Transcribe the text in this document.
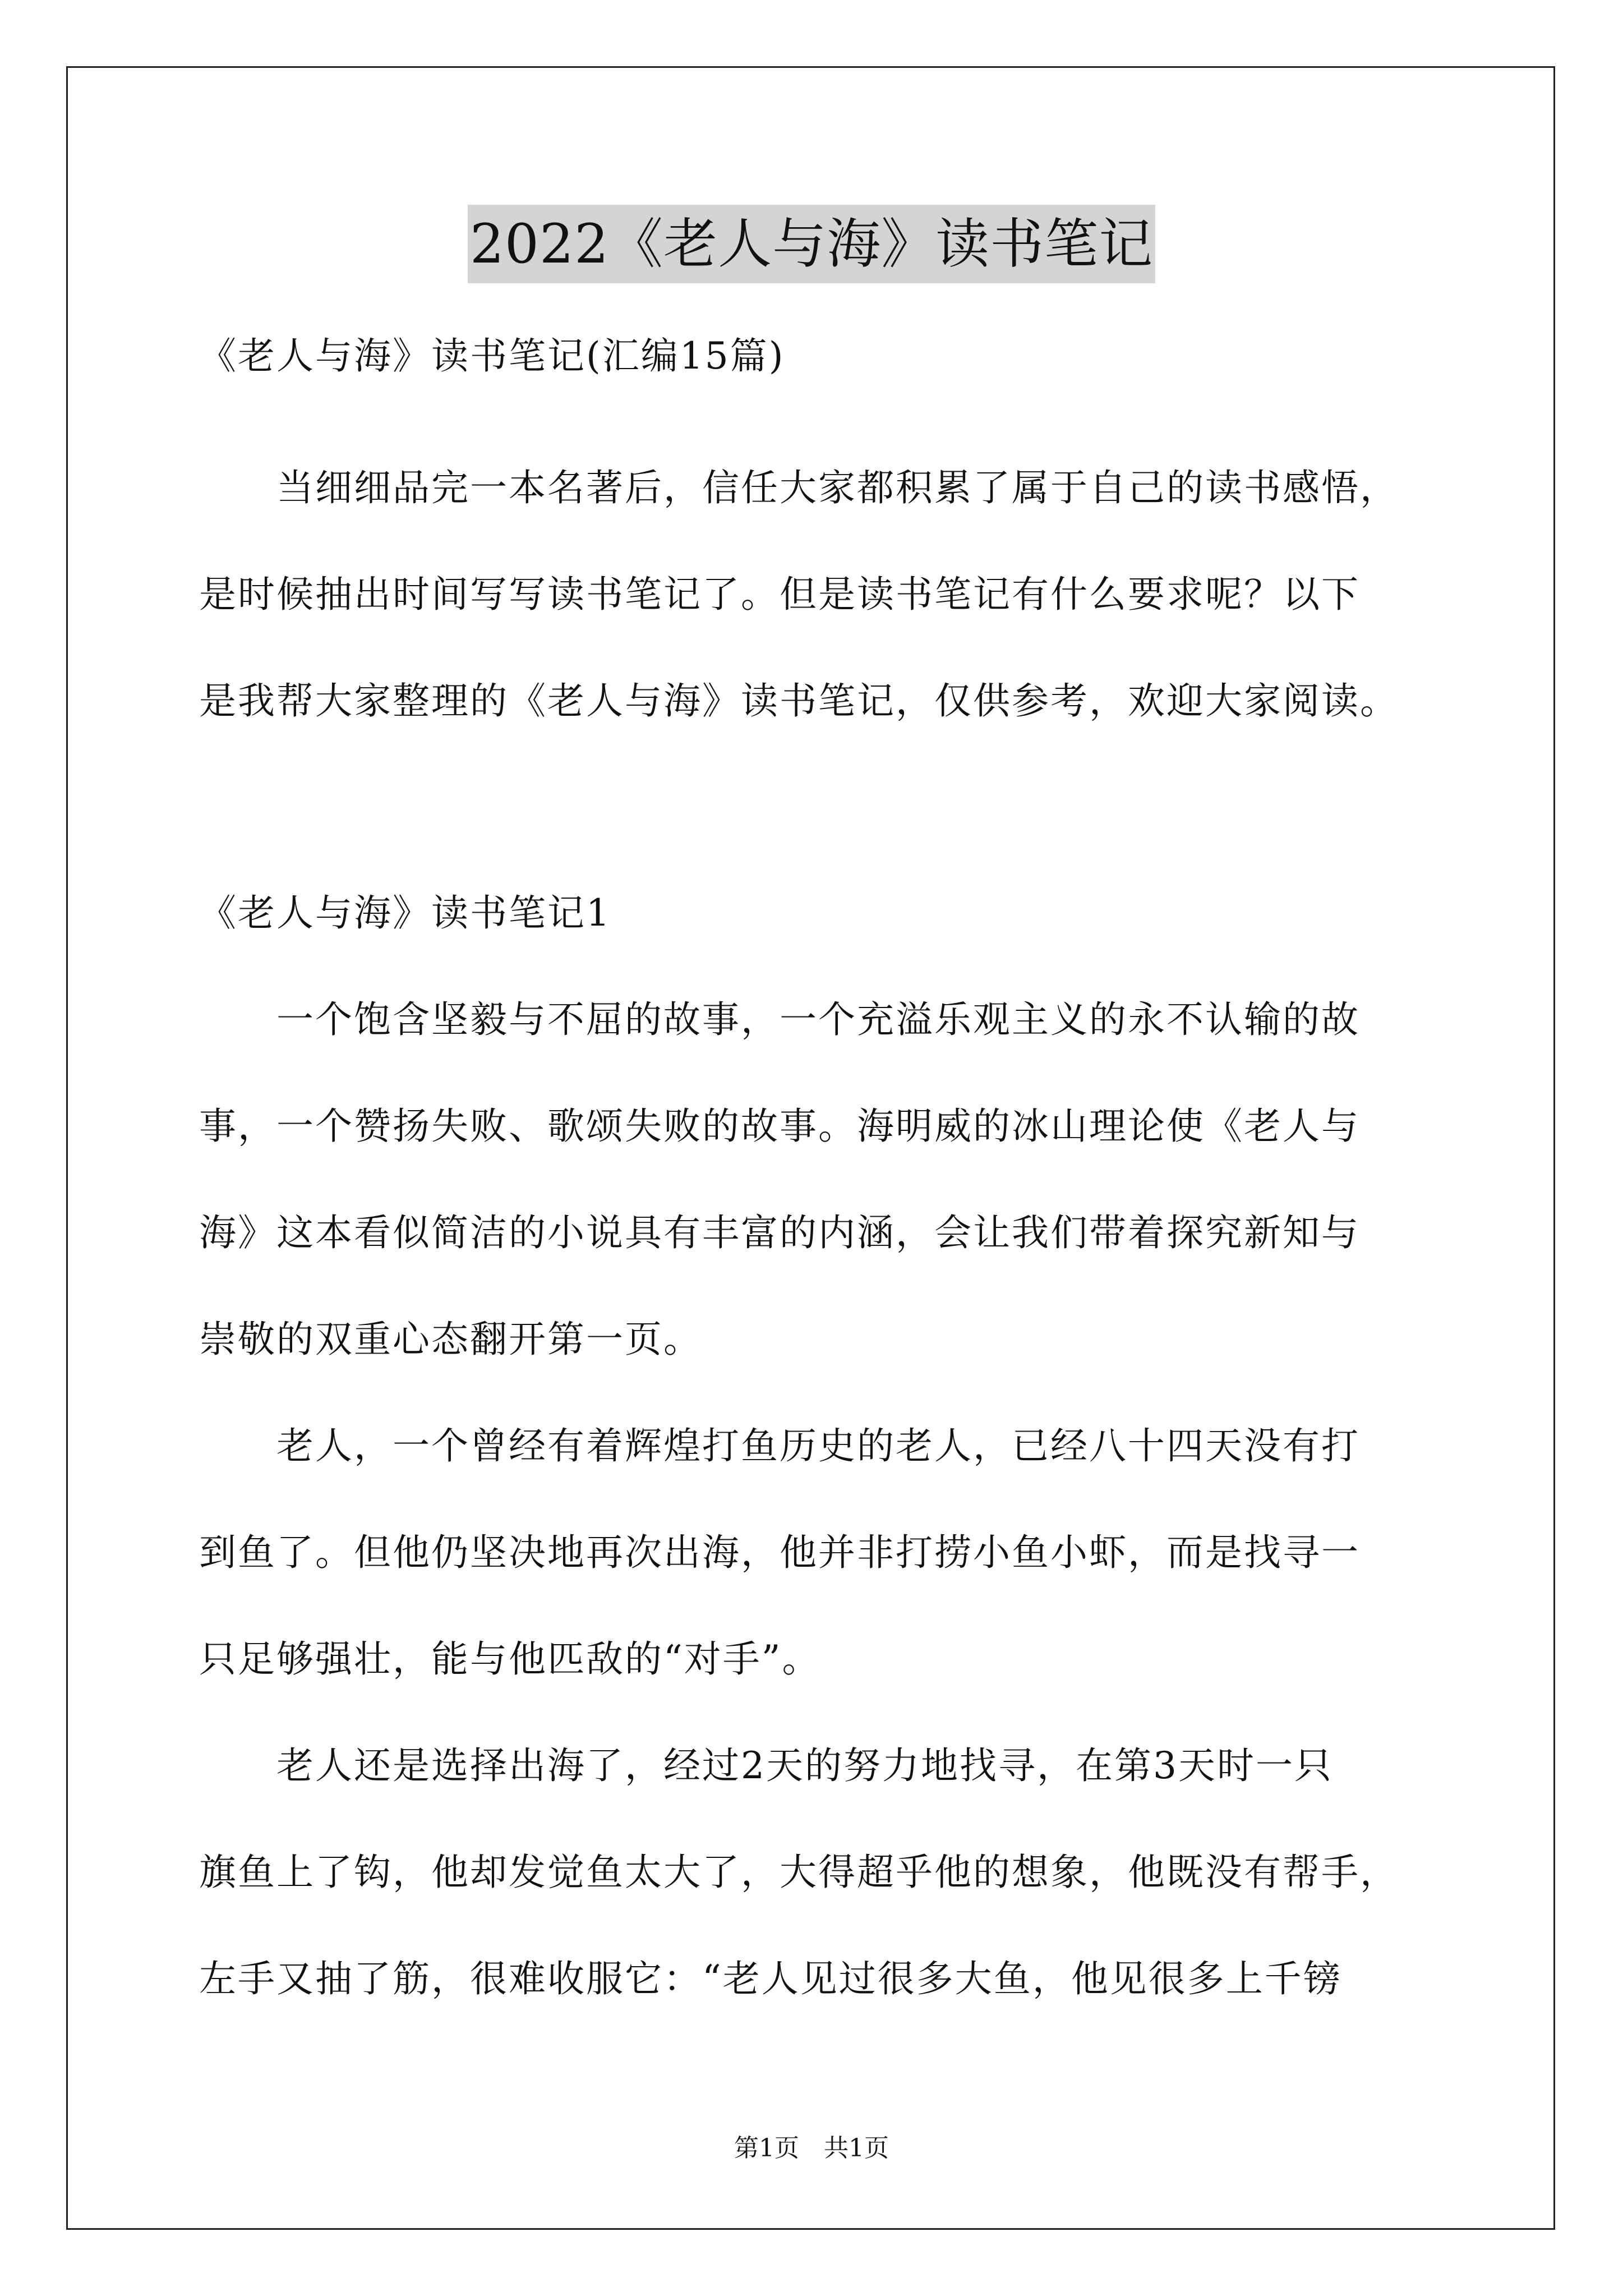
2022《老人与海》读书笔记
《老人与海》读书笔记(汇编15篇)
　　当细细品完一本名著后，信任大家都积累了属于自己的读书感悟，
是时候抽出时间写写读书笔记了。但是读书笔记有什么要求呢？以下
是我帮大家整理的《老人与海》读书笔记，仅供参考，欢迎大家阅读。
《老人与海》读书笔记1
　　一个饱含坚毅与不屈的故事，一个充溢乐观主义的永不认输的故
事，一个赞扬失败、歌颂失败的故事。海明威的冰山理论使《老人与
海》这本看似简洁的小说具有丰富的内涵，会让我们带着探究新知与
崇敬的双重心态翻开第一页。
　　老人，一个曾经有着辉煌打鱼历史的老人，已经八十四天没有打
到鱼了。但他仍坚决地再次出海，他并非打捞小鱼小虾，而是找寻一
只足够强壮，能与他匹敌的“对手”。
　　老人还是选择出海了，经过2天的努力地找寻，在第3天时一只
旗鱼上了钩，他却发觉鱼太大了，大得超乎他的想象，他既没有帮手，
左手又抽了筋，很难收服它：“老人见过很多大鱼，他见很多上千镑
第1页　共1页
